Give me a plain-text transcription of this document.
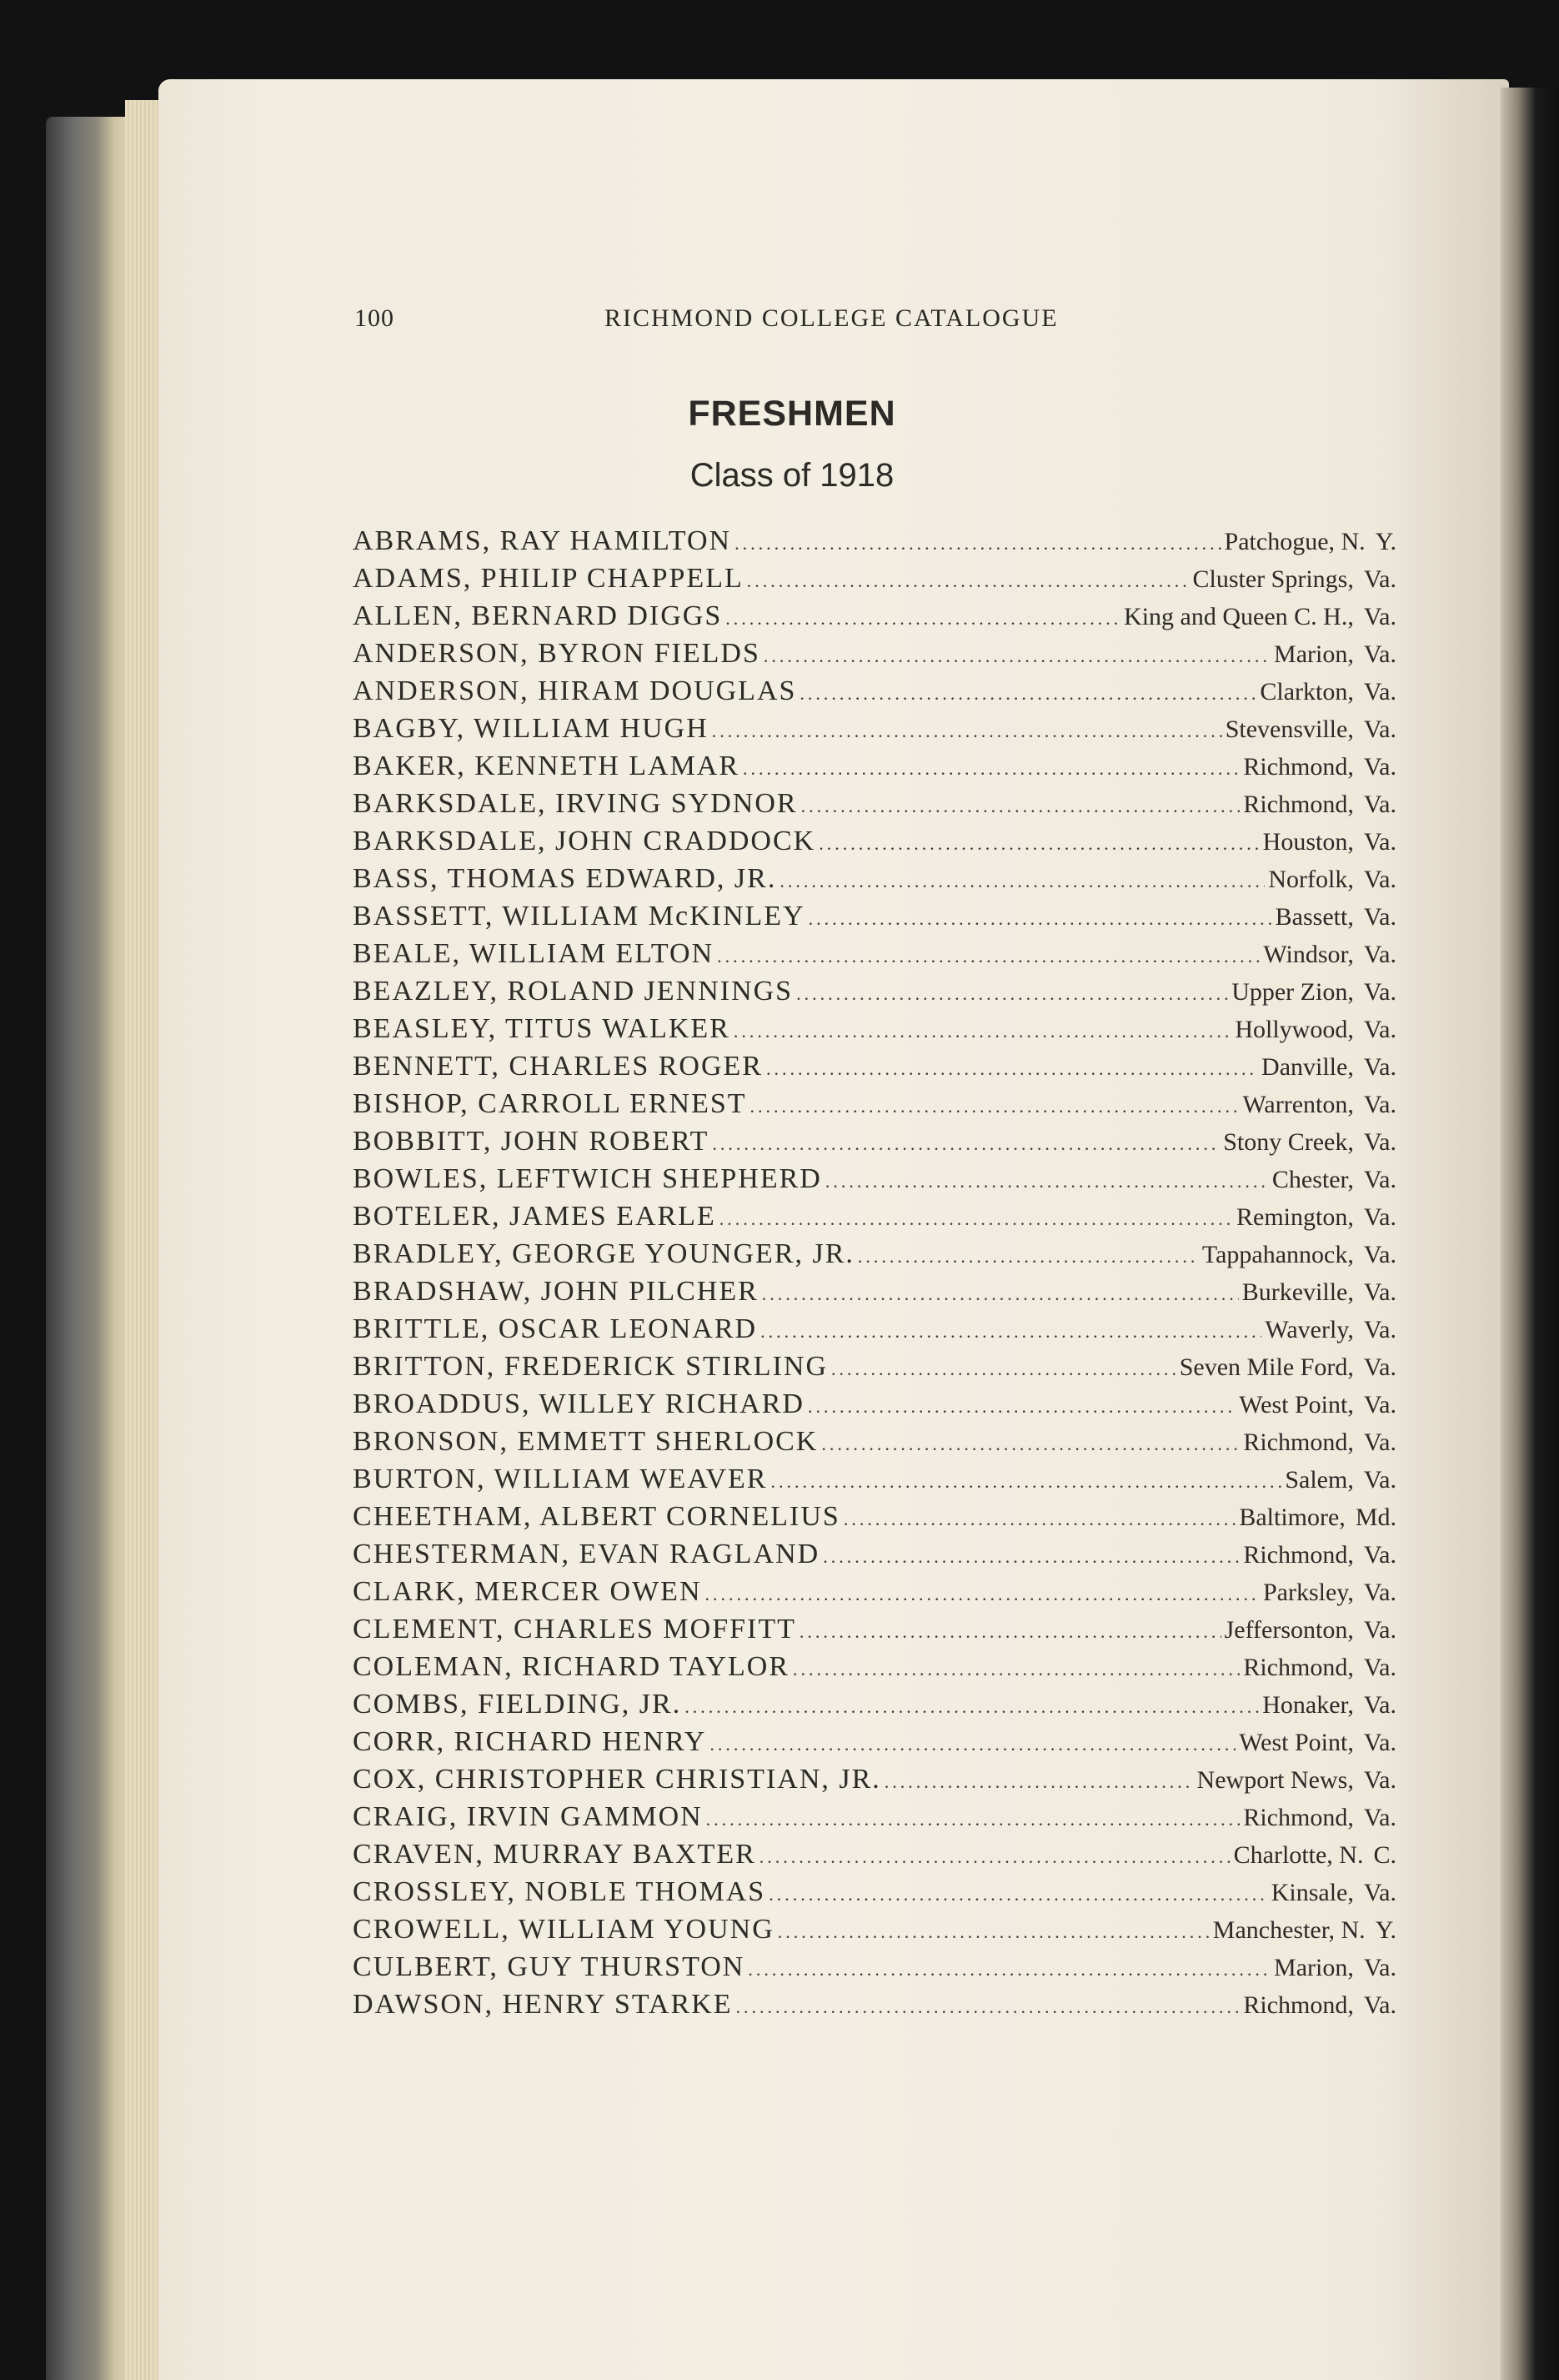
100	RICHMOND COLLEGE CATALOGUE
FRESHMEN
Class of 1918
ABRAMS, RAY HAMILTON .....	Patchogue, N. Y.
ADAMS, PHILIP CHAPPELL .....	Cluster Springs, Va.
ALLEN, BERNARD DIGGS .....	King and Queen C. H., Va.
ANDERSON, BYRON FIELDS .....	Marion, Va.
ANDERSON, HIRAM DOUGLAS .....	Clarkton, Va.
BAGBY, WILLIAM HUGH .....	Stevensville, Va.
BAKER, KENNETH LAMAR .....	Richmond, Va.
BARKSDALE, IRVING SYDNOR .....	Richmond, Va.
BARKSDALE, JOHN CRADDOCK .....	Houston, Va.
BASS, THOMAS EDWARD, JR. .....	Norfolk, Va.
BASSETT, WILLIAM McKINLEY .....	Bassett, Va.
BEALE, WILLIAM ELTON .....	Windsor, Va.
BEAZLEY, ROLAND JENNINGS .....	Upper Zion, Va.
BEASLEY, TITUS WALKER .....	Hollywood, Va.
BENNETT, CHARLES ROGER .....	Danville, Va.
BISHOP, CARROLL ERNEST .....	Warrenton, Va.
BOBBITT, JOHN ROBERT .....	Stony Creek, Va.
BOWLES, LEFTWICH SHEPHERD .....	Chester, Va.
BOTELER, JAMES EARLE .....	Remington, Va.
BRADLEY, GEORGE YOUNGER, JR. .....	Tappahannock, Va.
BRADSHAW, JOHN PILCHER .....	Burkeville, Va.
BRITTLE, OSCAR LEONARD .....	Waverly, Va.
BRITTON, FREDERICK STIRLING .....	Seven Mile Ford, Va.
BROADDUS, WILLEY RICHARD .....	West Point, Va.
BRONSON, EMMETT SHERLOCK .....	Richmond, Va.
BURTON, WILLIAM WEAVER .....	Salem, Va.
CHEETHAM, ALBERT CORNELIUS .....	Baltimore, Md.
CHESTERMAN, EVAN RAGLAND .....	Richmond, Va.
CLARK, MERCER OWEN .....	Parksley, Va.
CLEMENT, CHARLES MOFFITT .....	Jeffersonton, Va.
COLEMAN, RICHARD TAYLOR .....	Richmond, Va.
COMBS, FIELDING, JR. .....	Honaker, Va.
CORR, RICHARD HENRY .....	West Point, Va.
COX, CHRISTOPHER CHRISTIAN, JR. .....	Newport News, Va.
CRAIG, IRVIN GAMMON .....	Richmond, Va.
CRAVEN, MURRAY BAXTER .....	Charlotte, N. C.
CROSSLEY, NOBLE THOMAS .....	Kinsale, Va.
CROWELL, WILLIAM YOUNG .....	Manchester, N. Y.
CULBERT, GUY THURSTON .....	Marion, Va.
DAWSON, HENRY STARKE .....	Richmond, Va.
